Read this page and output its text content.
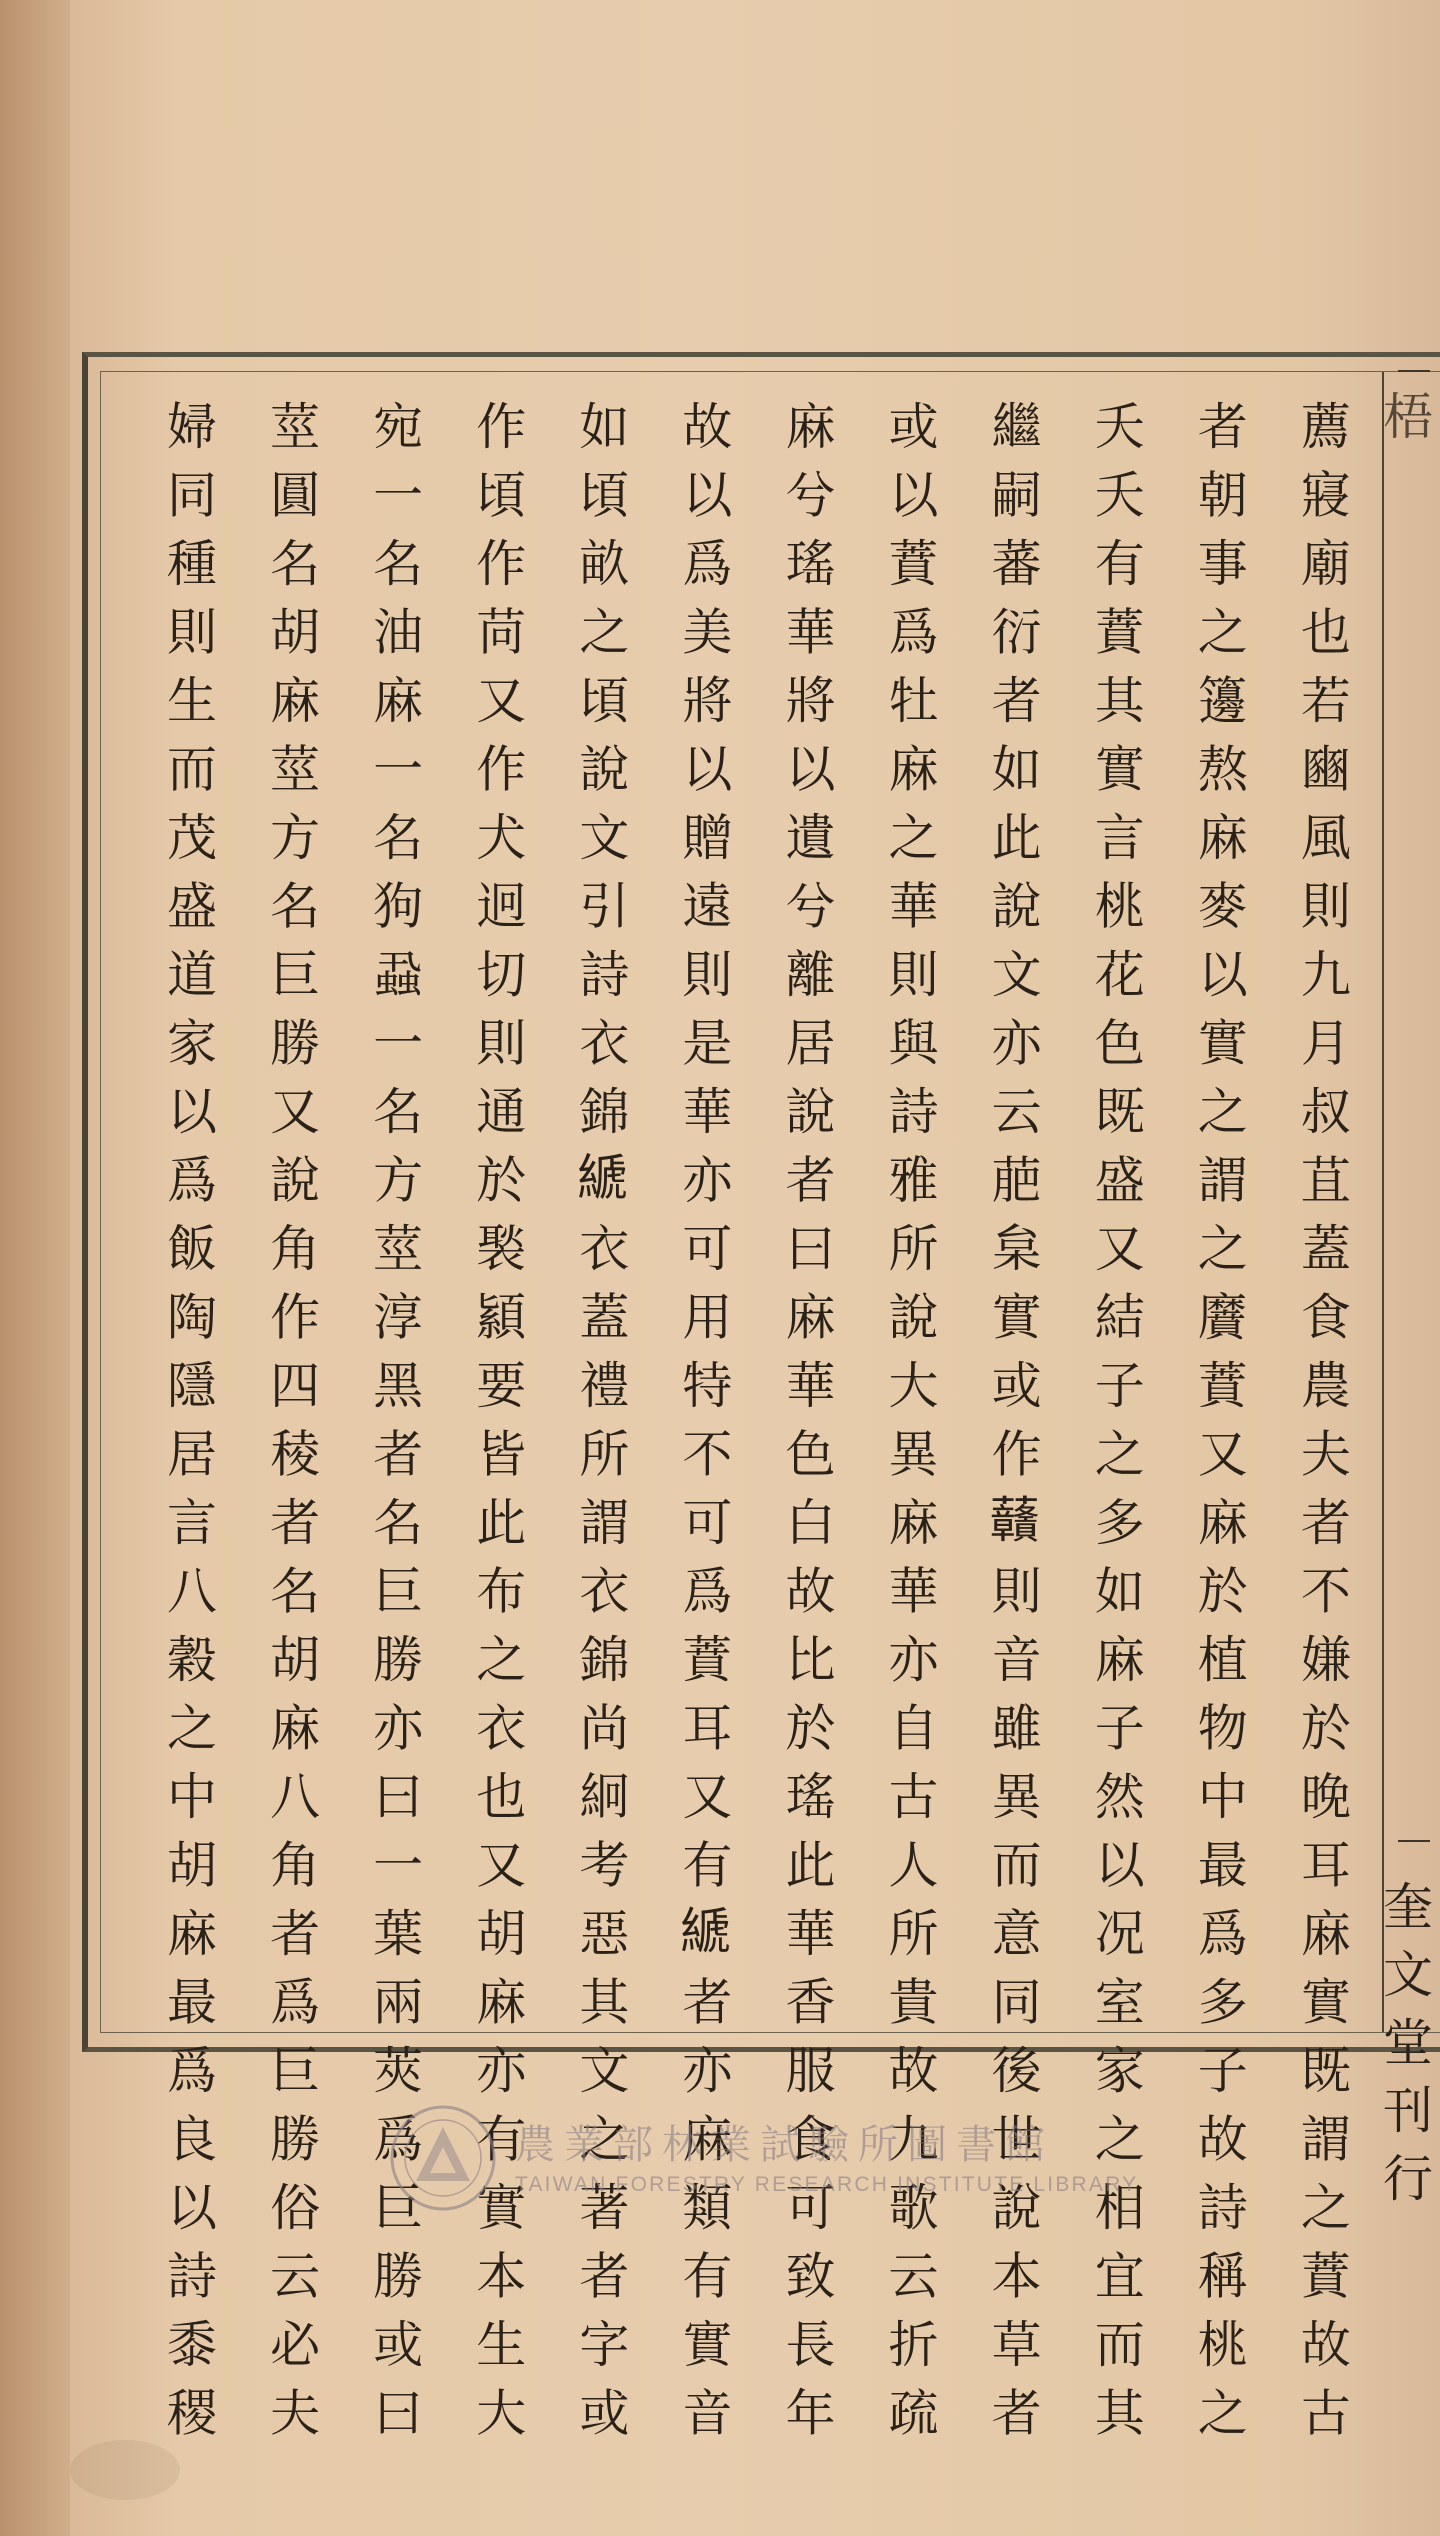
梧
奎文堂刊行
薦寢廟也若豳風則九月叔苴蓋食農夫者不嫌於晚耳麻實既謂之蕡故古
者朝事之籩熬麻麥以實之謂之黂蕡又麻於植物中最爲多子故詩稱桃之
夭夭有蕡其實言桃花色既盛又結子之多如麻子然以况室家之相宜而其
繼嗣蕃衍者如此說文亦云萉枲實或作𧆐則音雖異而意同後世說本草者
或以蕡爲牡麻之華則與詩雅所說大異麻華亦自古人所貴故九歌云折疏
麻兮瑤華將以遺兮離居說者曰麻華色白故比於瑤此華香服食可致長年
故以爲美將以贈遠則是華亦可用特不可爲蕡耳又有𦃇者亦麻類有實音
如頃畝之頃說文引詩衣錦𦃇衣蓋禮所謂衣錦尚絅考惡其文之著者字或
作頃作苘又作犬迥切則通於褧顈要皆此布之衣也又胡麻亦有實本生大
宛一名油麻一名狗蝨一名方莖淳黑者名巨勝亦曰一葉兩莢爲巨勝或曰
莖圓名胡麻莖方名巨勝又說角作四稜者名胡麻八角者爲巨勝俗云必夫
婦同種則生而茂盛道家以爲飯陶隱居言八穀之中胡麻最爲良以詩黍稷	農業部林業試驗所圖書館
TAIWAN FORESTRY RESEARCH INSTITUTE LIBRARY
